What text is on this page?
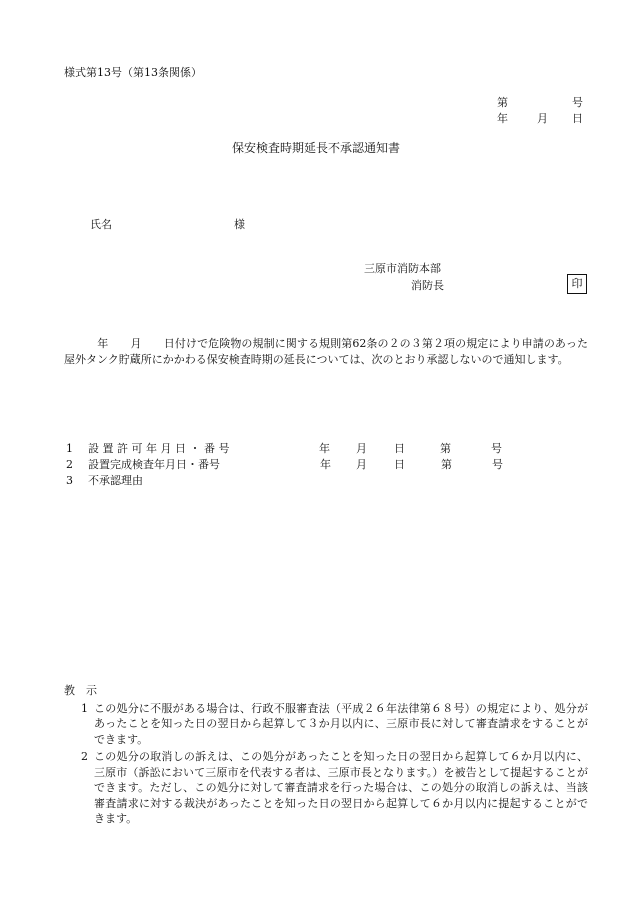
様式第13号（第13条関係）
第	号
年	月 日
保安検査時期延長不承認通知書
氏名	様
三原市消防本部
消防長	印
　　　年　　月　　日付けで危険物の規制に関する規則第62条の２の３第２項の規定により申請のあった屋外タンク貯蔵所にかかわる保安検査時期の延長については、次のとおり承認しないので通知します。
1 設 置 許 可 年 月 日 ・ 番 号	年 月 日	第	号
2 設置完成検査年月日・番号	年 月 日	第	号
3 不承認理由
教　示
1 この処分に不服がある場合は、行政不服審査法（平成２６年法律第６８号）の規定により、処分があったことを知った日の翌日から起算して３か月以内に、三原市長に対して審査請求をすることができます。
2 この処分の取消しの訴えは、この処分があったことを知った日の翌日から起算して６か月以内に、三原市（訴訟において三原市を代表する者は、三原市長となります。）を被告として提起することができます。ただし、この処分に対して審査請求を行った場合は、この処分の取消しの訴えは、当該審査請求に対する裁決があったことを知った日の翌日から起算して６か月以内に提起することができます。
